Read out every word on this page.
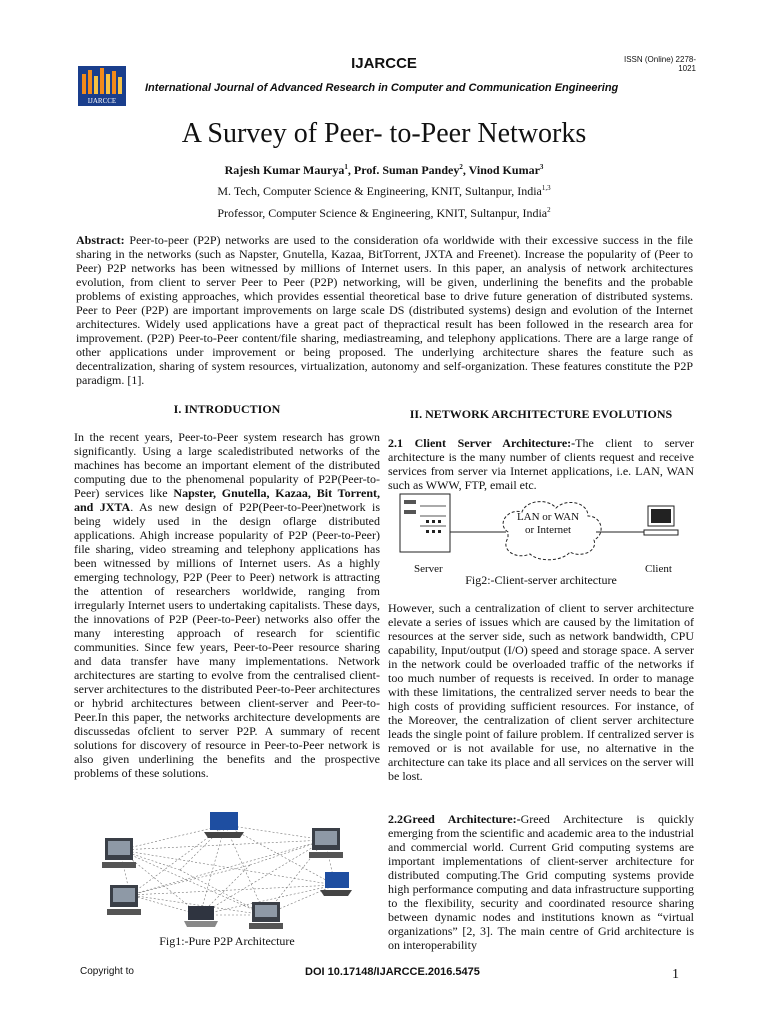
IJARCCE	ISSN (Online) 2278-
1021
IJARCCE
International Journal of Advanced Research in Computer and Communication Engineering
A Survey of Peer- to-Peer Networks
Rajesh Kumar Maurya$^1$, Prof. Suman Pandey$^2$, Vinod Kumar$^3$
M. Tech, Computer Science & Engineering, KNIT, Sultanpur, India$^{1,3}$
Professor, Computer Science & Engineering, KNIT, Sultanpur, India$^2$
Abstract: Peer-to-peer (P2P) networks are used to the consideration ofa worldwide with their excessive success in the file sharing in the networks (such as Napster, Gnutella, Kazaa, BitTorrent, JXTA and Freenet). Increase the popularity of (Peer to Peer) P2P networks has been witnessed by millions of Internet users. In this paper, an analysis of network architectures evolution, from client to server Peer to Peer (P2P) networking, will be given, underlining the benefits and the probable problems of existing approaches, which provides essential theoretical base to drive future generation of distributed systems. Peer to Peer (P2P) are important improvements on large scale DS (distributed systems) design and evolution of the Internet architectures. Widely used applications have a great pact of thepractical result has been followed in the research area for improvement. (P2P) Peer-to-Peer content/file sharing, mediastreaming, and telephony applications. There are a large range of other applications under improvement or being proposed. The underlying architecture shares the feature such as decentralization, sharing of system resources, virtualization, autonomy and self-organization. These features constitute the P2P paradigm. [1].
I. INTRODUCTION
In the recent years, Peer-to-Peer system research has grown significantly. Using a large scaledistributed networks of the machines has become an important element of the distributed computing due to the phenomenal popularity of P2P(Peer-to-Peer) services like Napster, Gnutella, Kazaa, Bit Torrent, and JXTA. As new design of P2P(Peer-to-Peer)network is being widely used in the design oflarge distributed applications. Ahigh increase popularity of P2P (Peer-to-Peer) file sharing, video streaming and telephony applications has been witnessed by millions of Internet users. As a highly emerging technology, P2P (Peer to Peer) network is attracting the attention of researchers worldwide, ranging from irregularly Internet users to undertaking capitalists. These days, the innovations of P2P (Peer-to-Peer) networks also offer the many interesting approach of research for scientific communities. Since few years, Peer-to-Peer resource sharing and data transfer have many implementations. Network architectures are starting to evolve from the centralised client-server architectures to the distributed Peer-to-Peer architectures or hybrid architectures between client-server and Peer-to-Peer.In this paper, the networks architecture developments are discussedas ofclient to server P2P. A summary of recent solutions for discovery of resource in Peer-to-Peer network is also given underlining the benefits and the prospective problems of these solutions.
Fig1:-Pure P2P Architecture
II. NETWORK ARCHITECTURE EVOLUTIONS
2.1 Client Server Architecture:-The client to server architecture is the many number of clients request and receive services from server via Internet applications, i.e. LAN, WAN such as WWW, FTP, email etc.
LAN or WAN
or Internet
Server	Client
Fig2:-Client-server architecture
However, such a centralization of client to server architecture elevate a series of issues which are caused by the limitation of resources at the server side, such as network bandwidth, CPU capability, Input/output (I/O) speed and storage space. A server in the network could be overloaded traffic of the networks if too much number of requests is received. In order to manage with these limitations, the centralized server needs to bear the high costs of providing sufficient resources. For instance, of the Moreover, the centralization of client server architecture leads the single point of failure problem. If centralized server is removed or is not available for use, no alternative in the architecture can take its place and all services on the server will be lost.
2.2Greed Architecture:-Greed Architecture is quickly emerging from the scientific and academic area to the industrial and commercial world. Current Grid computing systems are important implementations of client-server architecture for distributed computing.The Grid computing systems provide high performance computing and data infrastructure supporting to the flexibility, security and coordinated resource sharing between dynamic nodes and institutions known as “virtual organizations” [2, 3]. The main centre of Grid architecture is on interoperability
Copyright to	DOI 10.17148/IJARCCE.2016.5475	1
